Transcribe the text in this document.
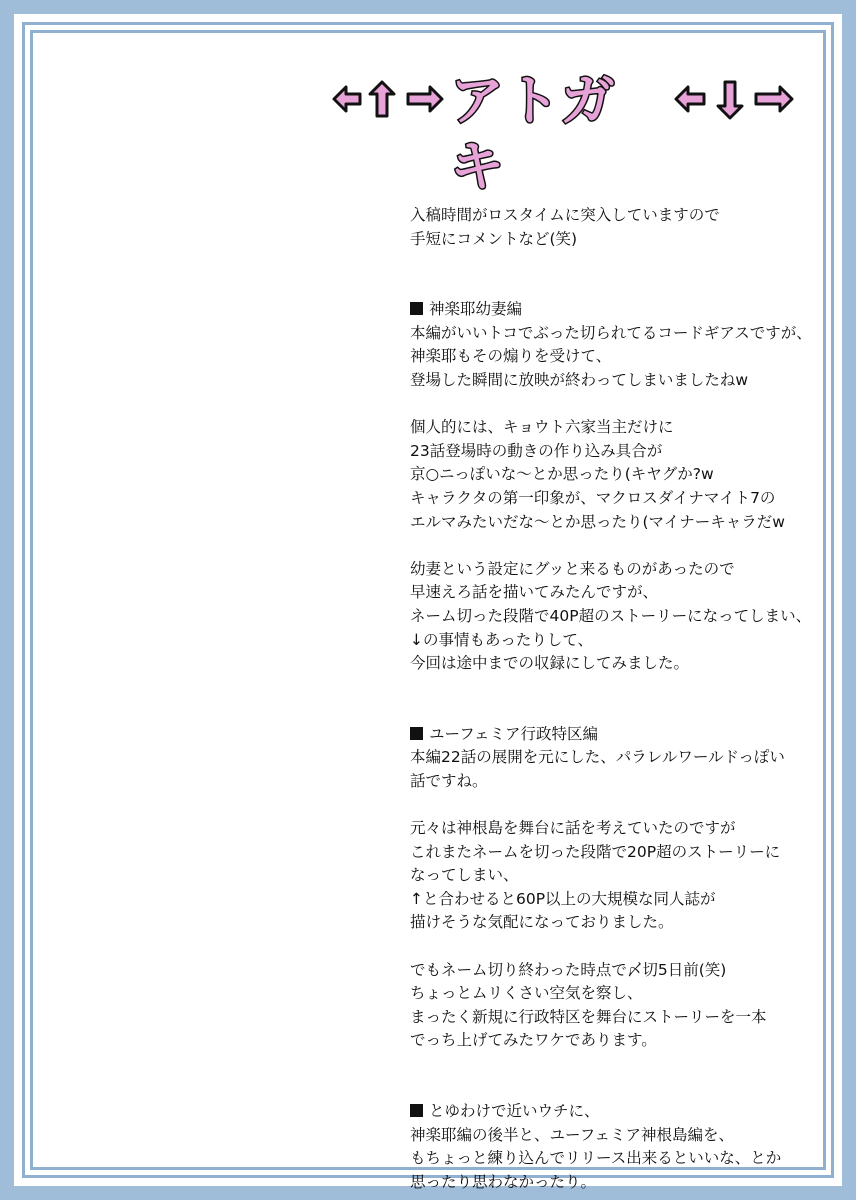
アトガキ
入稿時間がロスタイムに突入していますので
手短にコメントなど(笑)
神楽耶幼妻編
本編がいいトコでぶった切られてるコードギアスですが、
神楽耶もその煽りを受けて、
登場した瞬間に放映が終わってしまいましたねw
個人的には、キョウト六家当主だけに
23話登場時の動きの作り込み具合が
京○ニっぽいな〜とか思ったり(キヤグか?w
キャラクタの第一印象が、マクロスダイナマイト7の
エルマみたいだな〜とか思ったり(マイナーキャラだw
幼妻という設定にグッと来るものがあったので
早速えろ話を描いてみたんですが、
ネーム切った段階で40P超のストーリーになってしまい、
↓の事情もあったりして、
今回は途中までの収録にしてみました。
ユーフェミア行政特区編
本編22話の展開を元にした、パラレルワールドっぽい
話ですね。
元々は神根島を舞台に話を考えていたのですが
これまたネームを切った段階で20P超のストーリーに
なってしまい、
↑と合わせると60P以上の大規模な同人誌が
描けそうな気配になっておりました。
でもネーム切り終わった時点で〆切5日前(笑)
ちょっとムリくさい空気を察し、
まったく新規に行政特区を舞台にストーリーを一本
でっち上げてみたワケであります。
とゆわけで近いウチに、
神楽耶編の後半と、ユーフェミア神根島編を、
もちょっと練り込んでリリース出来るといいな、とか
思ったり思わなかったり。
